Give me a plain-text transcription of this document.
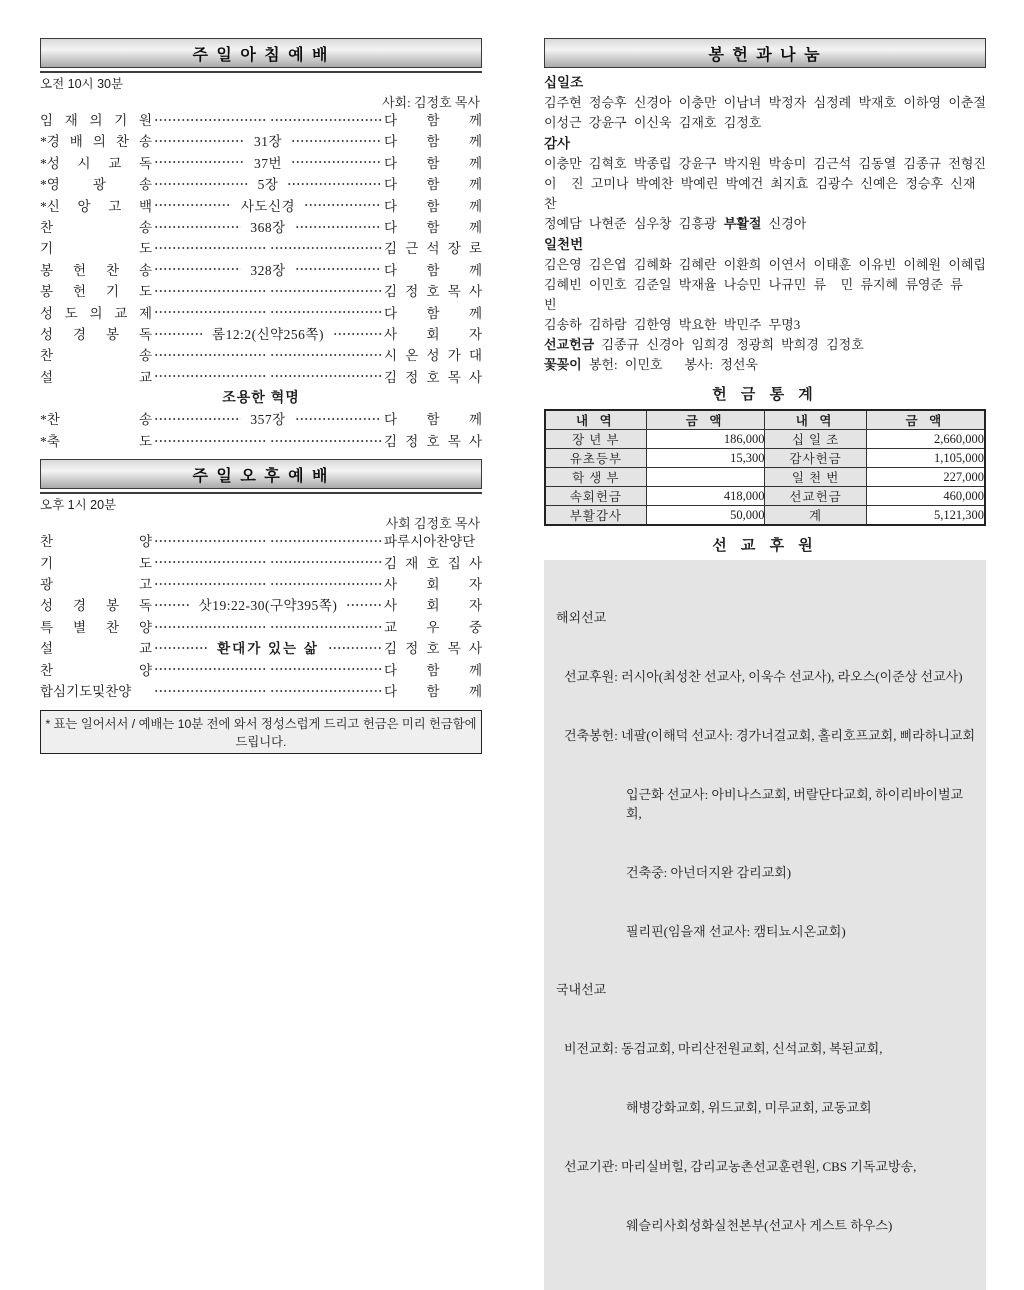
주 일 아 침 예 배
오전 10시 30분
사회: 김정호 목사
임 재 의 기 원	다 함 께
*경 배 의 찬 송	31장	다 함 께
*성 시 교 독	37번	다 함 께
*영 광 송	5장	다 함 께
*신 앙 고 백	사도신경	다 함 께
찬 송	368장	다 함 께
기 도	김 근 석 장 로
봉 헌 찬 송	328장	다 함 께
봉 헌 기 도	김 정 호 목 사
성 도 의 교 제	다 함 께
성 경 봉 독	롬12:2(신약256쪽)	사 회 자
찬 송	시 온 성 가 대
설 교	김 정 호 목 사
조용한 혁명
*찬 송	357장	다 함 께
*축 도	김 정 호 목 사
주 일 오 후 예 배
오후 1시 20분
사회 김정호 목사
찬 양	파루시아찬양단
기 도	김 재 호 집 사
광 고	사 회 자
성 경 봉 독	삿19:22-30(구약395쪽)	사 회 자
특 별 찬 양	교 우 중
설 교	환대가 있는 삶	김 정 호 목 사
찬 양	다 함 께
합심기도및찬양	다 함 께
* 표는 일어서서 / 예배는 10분 전에 와서 정성스럽게 드리고 헌금은 미리 헌금함에 드립니다.
봉 헌 과 나 눔
십일조
김주현 정승후 신경아 이충만 이남녀 박정자 심정례 박재호 이하영 이춘절
이성근 강윤구 이신욱 김재호 김정호
감사
이충만 김혁호 박종립 강윤구 박지원 박송미 김근석 김동열 김종규 전형진
이  진 고미나 박예찬 박예린 박예건 최지효 김광수 신예은 정승후 신재찬
정예담 나현준 심우창 김흥광 부활절 신경아
일천번
김은영 김은엽 김혜화 김혜란 이환희 이연서 이태훈 이유빈 이혜원 이혜립
김혜빈 이민호 김준일 박재율 나승민 나규민 류  민 류지혜 류영준 류  빈
김송하 김하람 김한영 박요한 박민주 무명3
선교헌금 김종규 신경아 임희경 정광희 박희경 김정호
꽃꽂이 봉헌: 이민호   봉사: 정선욱
헌 금 통 계
내 역	금 액	내 역	금 액
장 년 부	186,000	십 일 조	2,660,000
유초등부	15,300	감사헌금	1,105,000
학 생 부		일 천 번	227,000
속회헌금	418,000	선교헌금	460,000
부활감사	50,000	계	5,121,300
선 교 후 원

해외선교

선교후원: 러시아(최성찬 선교사, 이욱수 선교사), 라오스(이준상 선교사)

건축봉헌: 네팔(이해덕 선교사: 경가너걸교회, 홀리호프교회, 삐라하니교회

입근화 선교사: 아비나스교회, 버랄단다교회, 하이리바이벌교회,

건축중: 아넌더지완 감리교회)

필리핀(임을재 선교사: 캠티뇨시온교회)

국내선교

비전교회: 동검교회, 마리산전원교회, 신석교회, 복된교회,

해병강화교회, 위드교회, 미루교회, 교동교회

선교기관: 마리실버힐, 감리교농촌선교훈련원, CBS 기독교방송,

웨슬리사회성화실천본부(선교사 게스트 하우스)
